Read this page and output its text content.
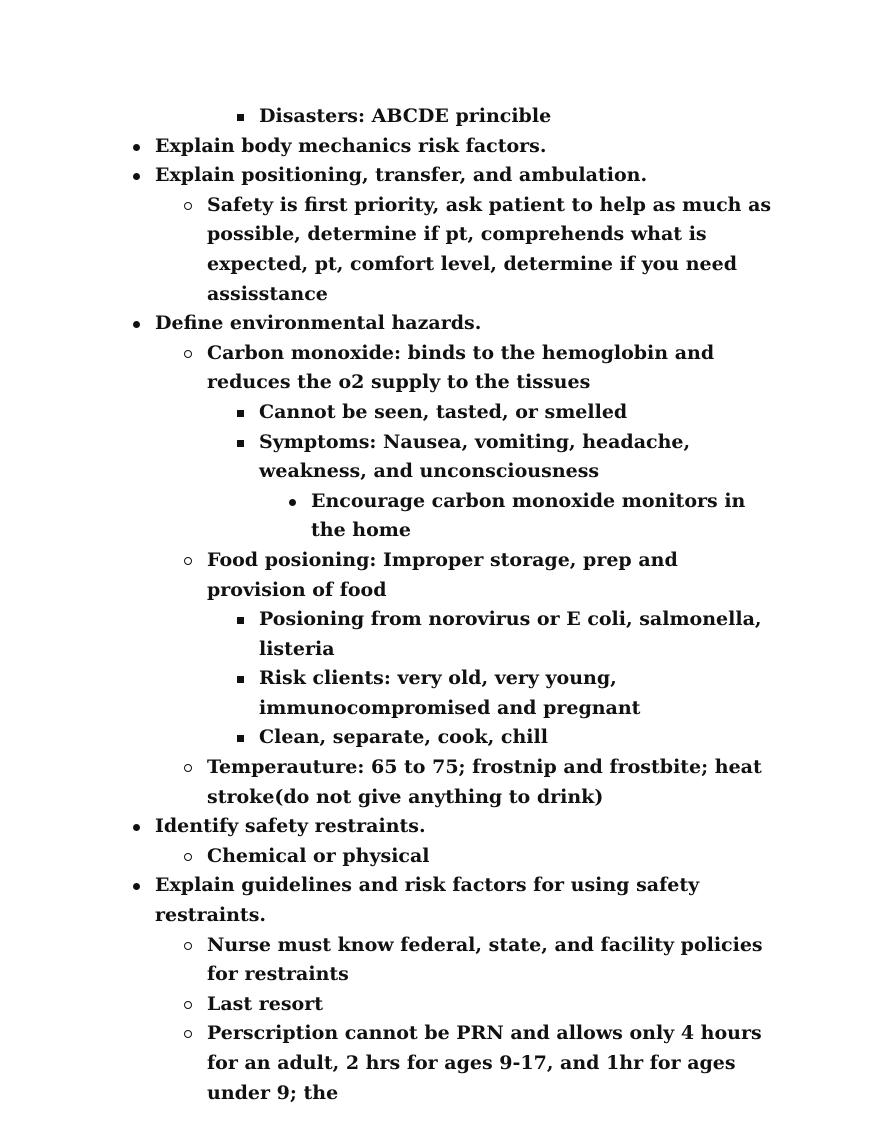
Disasters: ABCDE princible
Explain body mechanics risk factors.
Explain positioning, transfer, and ambulation.
Safety is first priority, ask patient to help as much as possible, determine if pt, comprehends what is expected, pt, comfort level, determine if you need assisstance
Define environmental hazards.
Carbon monoxide: binds to the hemoglobin and reduces the o2 supply to the tissues
Cannot be seen, tasted, or smelled
Symptoms: Nausea, vomiting, headache, weakness, and unconsciousness
Encourage carbon monoxide monitors in the home
Food posioning: Improper storage, prep and provision of food
Posioning from norovirus or E coli, salmonella, listeria
Risk clients: very old, very young, immunocompromised and pregnant
Clean, separate, cook, chill
Temperauture: 65 to 75; frostnip and frostbite; heat stroke(do not give anything to drink)
Identify safety restraints.
Chemical or physical
Explain guidelines and risk factors for using safety restraints.
Nurse must know federal, state, and facility policies for restraints
Last resort
Perscription cannot be PRN and allows only 4 hours for an adult, 2 hrs for ages 9-17, and 1hr for ages under 9; the
